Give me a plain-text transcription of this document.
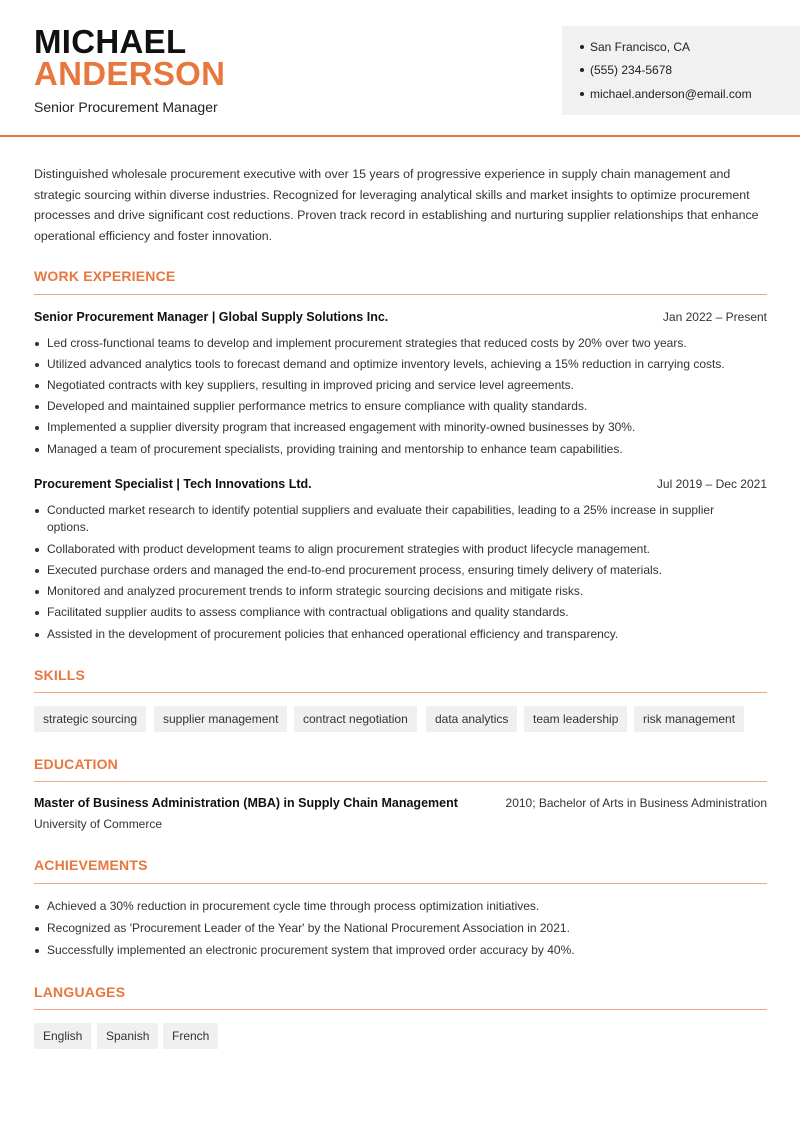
MICHAEL
ANDERSON
Senior Procurement Manager
San Francisco, CA
(555) 234-5678
michael.anderson@email.com
Distinguished wholesale procurement executive with over 15 years of progressive experience in supply chain management and strategic sourcing within diverse industries. Recognized for leveraging analytical skills and market insights to optimize procurement processes and drive significant cost reductions. Proven track record in establishing and nurturing supplier relationships that enhance operational efficiency and foster innovation.
WORK EXPERIENCE
Senior Procurement Manager | Global Supply Solutions Inc.	Jan 2022 – Present
Led cross-functional teams to develop and implement procurement strategies that reduced costs by 20% over two years.
Utilized advanced analytics tools to forecast demand and optimize inventory levels, achieving a 15% reduction in carrying costs.
Negotiated contracts with key suppliers, resulting in improved pricing and service level agreements.
Developed and maintained supplier performance metrics to ensure compliance with quality standards.
Implemented a supplier diversity program that increased engagement with minority-owned businesses by 30%.
Managed a team of procurement specialists, providing training and mentorship to enhance team capabilities.
Procurement Specialist | Tech Innovations Ltd.	Jul 2019 – Dec 2021
Conducted market research to identify potential suppliers and evaluate their capabilities, leading to a 25% increase in supplier options.
Collaborated with product development teams to align procurement strategies with product lifecycle management.
Executed purchase orders and managed the end-to-end procurement process, ensuring timely delivery of materials.
Monitored and analyzed procurement trends to inform strategic sourcing decisions and mitigate risks.
Facilitated supplier audits to assess compliance with contractual obligations and quality standards.
Assisted in the development of procurement policies that enhanced operational efficiency and transparency.
SKILLS
strategic sourcing	supplier management	contract negotiation	data analytics	team leadership	risk management
EDUCATION
Master of Business Administration (MBA) in Supply Chain Management	2010; Bachelor of Arts in Business Administration
University of Commerce
ACHIEVEMENTS
Achieved a 30% reduction in procurement cycle time through process optimization initiatives.
Recognized as 'Procurement Leader of the Year' by the National Procurement Association in 2021.
Successfully implemented an electronic procurement system that improved order accuracy by 40%.
LANGUAGES
English	Spanish	French
